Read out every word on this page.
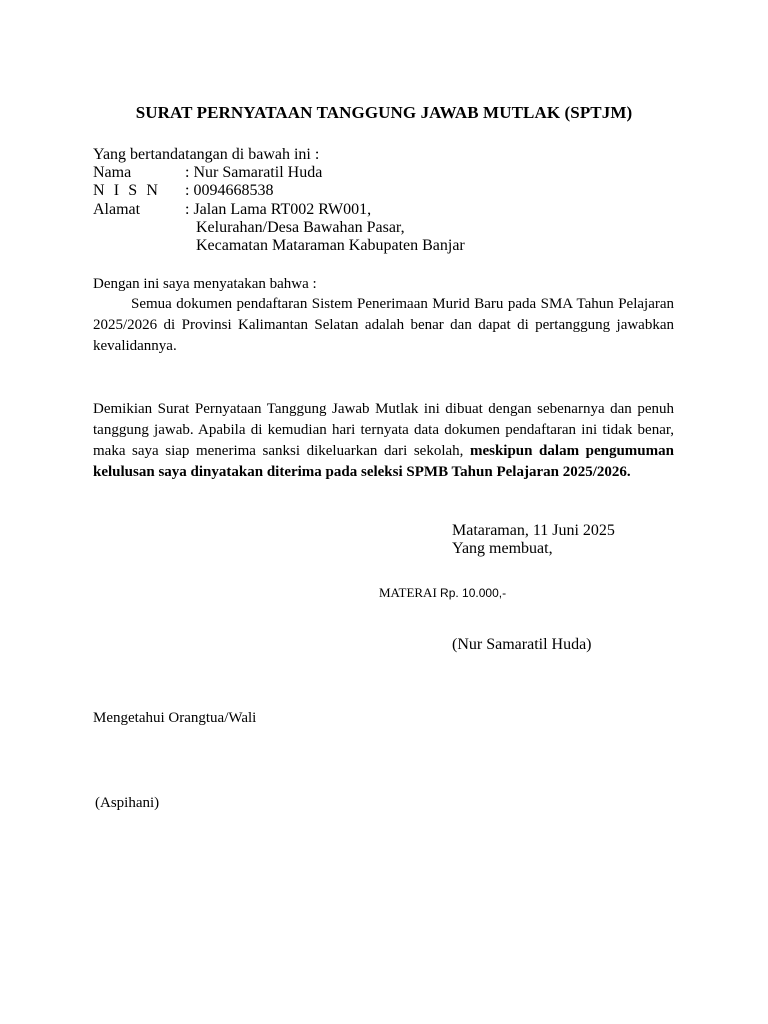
SURAT PERNYATAAN TANGGUNG JAWAB MUTLAK (SPTJM)
Yang bertandatangan di bawah ini :
Nama	: Nur Samaratil Huda
N I S N : 0094668538
Alamat	: Jalan Lama RT002 RW001,
Kelurahan/Desa Bawahan Pasar,
Kecamatan Mataraman Kabupaten Banjar
Dengan ini saya menyatakan bahwa :

Semua dokumen pendaftaran Sistem Penerimaan Murid Baru pada SMA Tahun Pelajaran 2025/2026 di Provinsi Kalimantan Selatan adalah benar dan dapat di pertanggung jawabkan kevalidannya.

Demikian Surat Pernyataan Tanggung Jawab Mutlak ini dibuat dengan sebenarnya dan penuh tanggung jawab. Apabila di kemudian hari ternyata data dokumen pendaftaran ini tidak benar, maka saya siap menerima sanksi dikeluarkan dari sekolah, meskipun dalam pengumuman kelulusan saya dinyatakan diterima pada seleksi SPMB Tahun Pelajaran 2025/2026.

Mataraman, 11 Juni 2025
Yang membuat,
MATERAI Rp. 10.000,-
(Nur Samaratil Huda)
Mengetahui Orangtua/Wali
(Aspihani)
